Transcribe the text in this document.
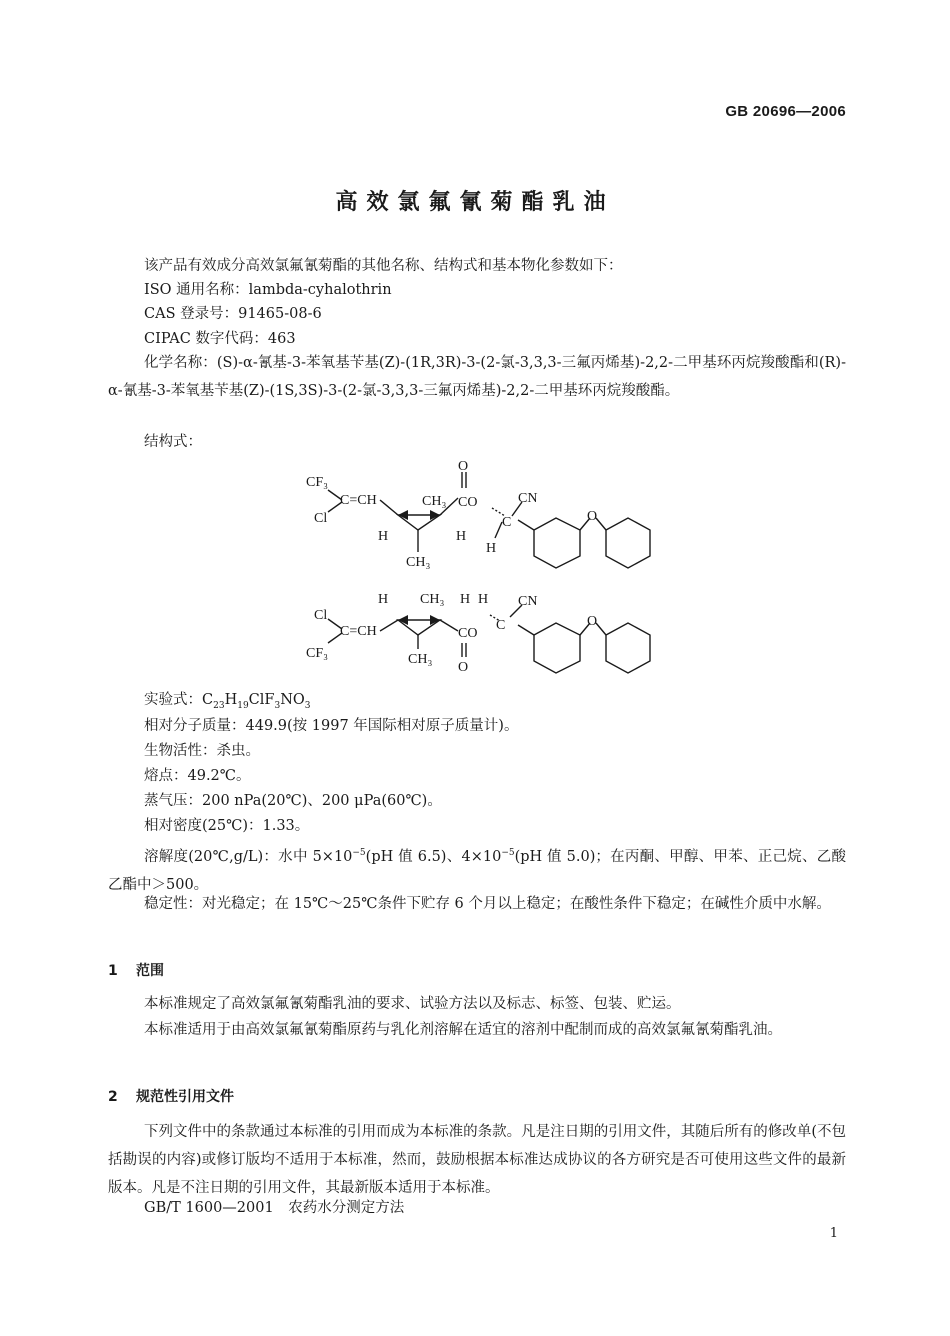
GB 20696—2006
高效氯氟氰菊酯乳油
该产品有效成分高效氯氟氰菊酯的其他名称、结构式和基本物化参数如下：
ISO 通用名称：lambda-cyhalothrin
CAS 登录号：91465-08-6
CIPAC 数字代码：463
化学名称：(S)-α-氰基-3-苯氧基苄基(Z)-(1R,3R)-3-(2-氯-3,3,3-三氟丙烯基)-2,2-二甲基环丙烷羧酸酯和(R)-α-氰基-3-苯氧基苄基(Z)-(1S,3S)-3-(2-氯-3,3,3-三氟丙烯基)-2,2-二甲基环丙烷羧酸酯。
结构式：
CF₃
C=CH
Cl
CH₃
H	H
CH₃
O
CO
C
CN
H
O
Cl
C=CH
CF₃
H CH₃ H
CH₃
CO
O
H
C
CN
O
实验式：$C_{23}H_{19}ClF_3NO_3$
相对分子质量：449.9(按 1997 年国际相对原子质量计)。
生物活性：杀虫。
熔点：49.2℃。
蒸气压：200 nPa(20℃)、200 μPa(60℃)。
相对密度(25℃)：1.33。
溶解度(20℃,g/L)：水中 $5\times 10^{-5}(pH$ 值 6.5)、$4\times 10^{-5}(pH$ 值 5.0)；在丙酮、甲醇、甲苯、正己烷、乙酸乙酯中＞500。
稳定性：对光稳定；在 15℃～25℃条件下贮存 6 个月以上稳定；在酸性条件下稳定；在碱性介质中水解。
1 范围
本标准规定了高效氯氟氰菊酯乳油的要求、试验方法以及标志、标签、包装、贮运。
本标准适用于由高效氯氟氰菊酯原药与乳化剂溶解在适宜的溶剂中配制而成的高效氯氟氰菊酯乳油。
2 规范性引用文件
下列文件中的条款通过本标准的引用而成为本标准的条款。凡是注日期的引用文件，其随后所有的修改单(不包括勘误的内容)或修订版均不适用于本标准，然而，鼓励根据本标准达成协议的各方研究是否可使用这些文件的最新版本。凡是不注日期的引用文件，其最新版本适用于本标准。
GB/T 1600—2001　农药水分测定方法
1
